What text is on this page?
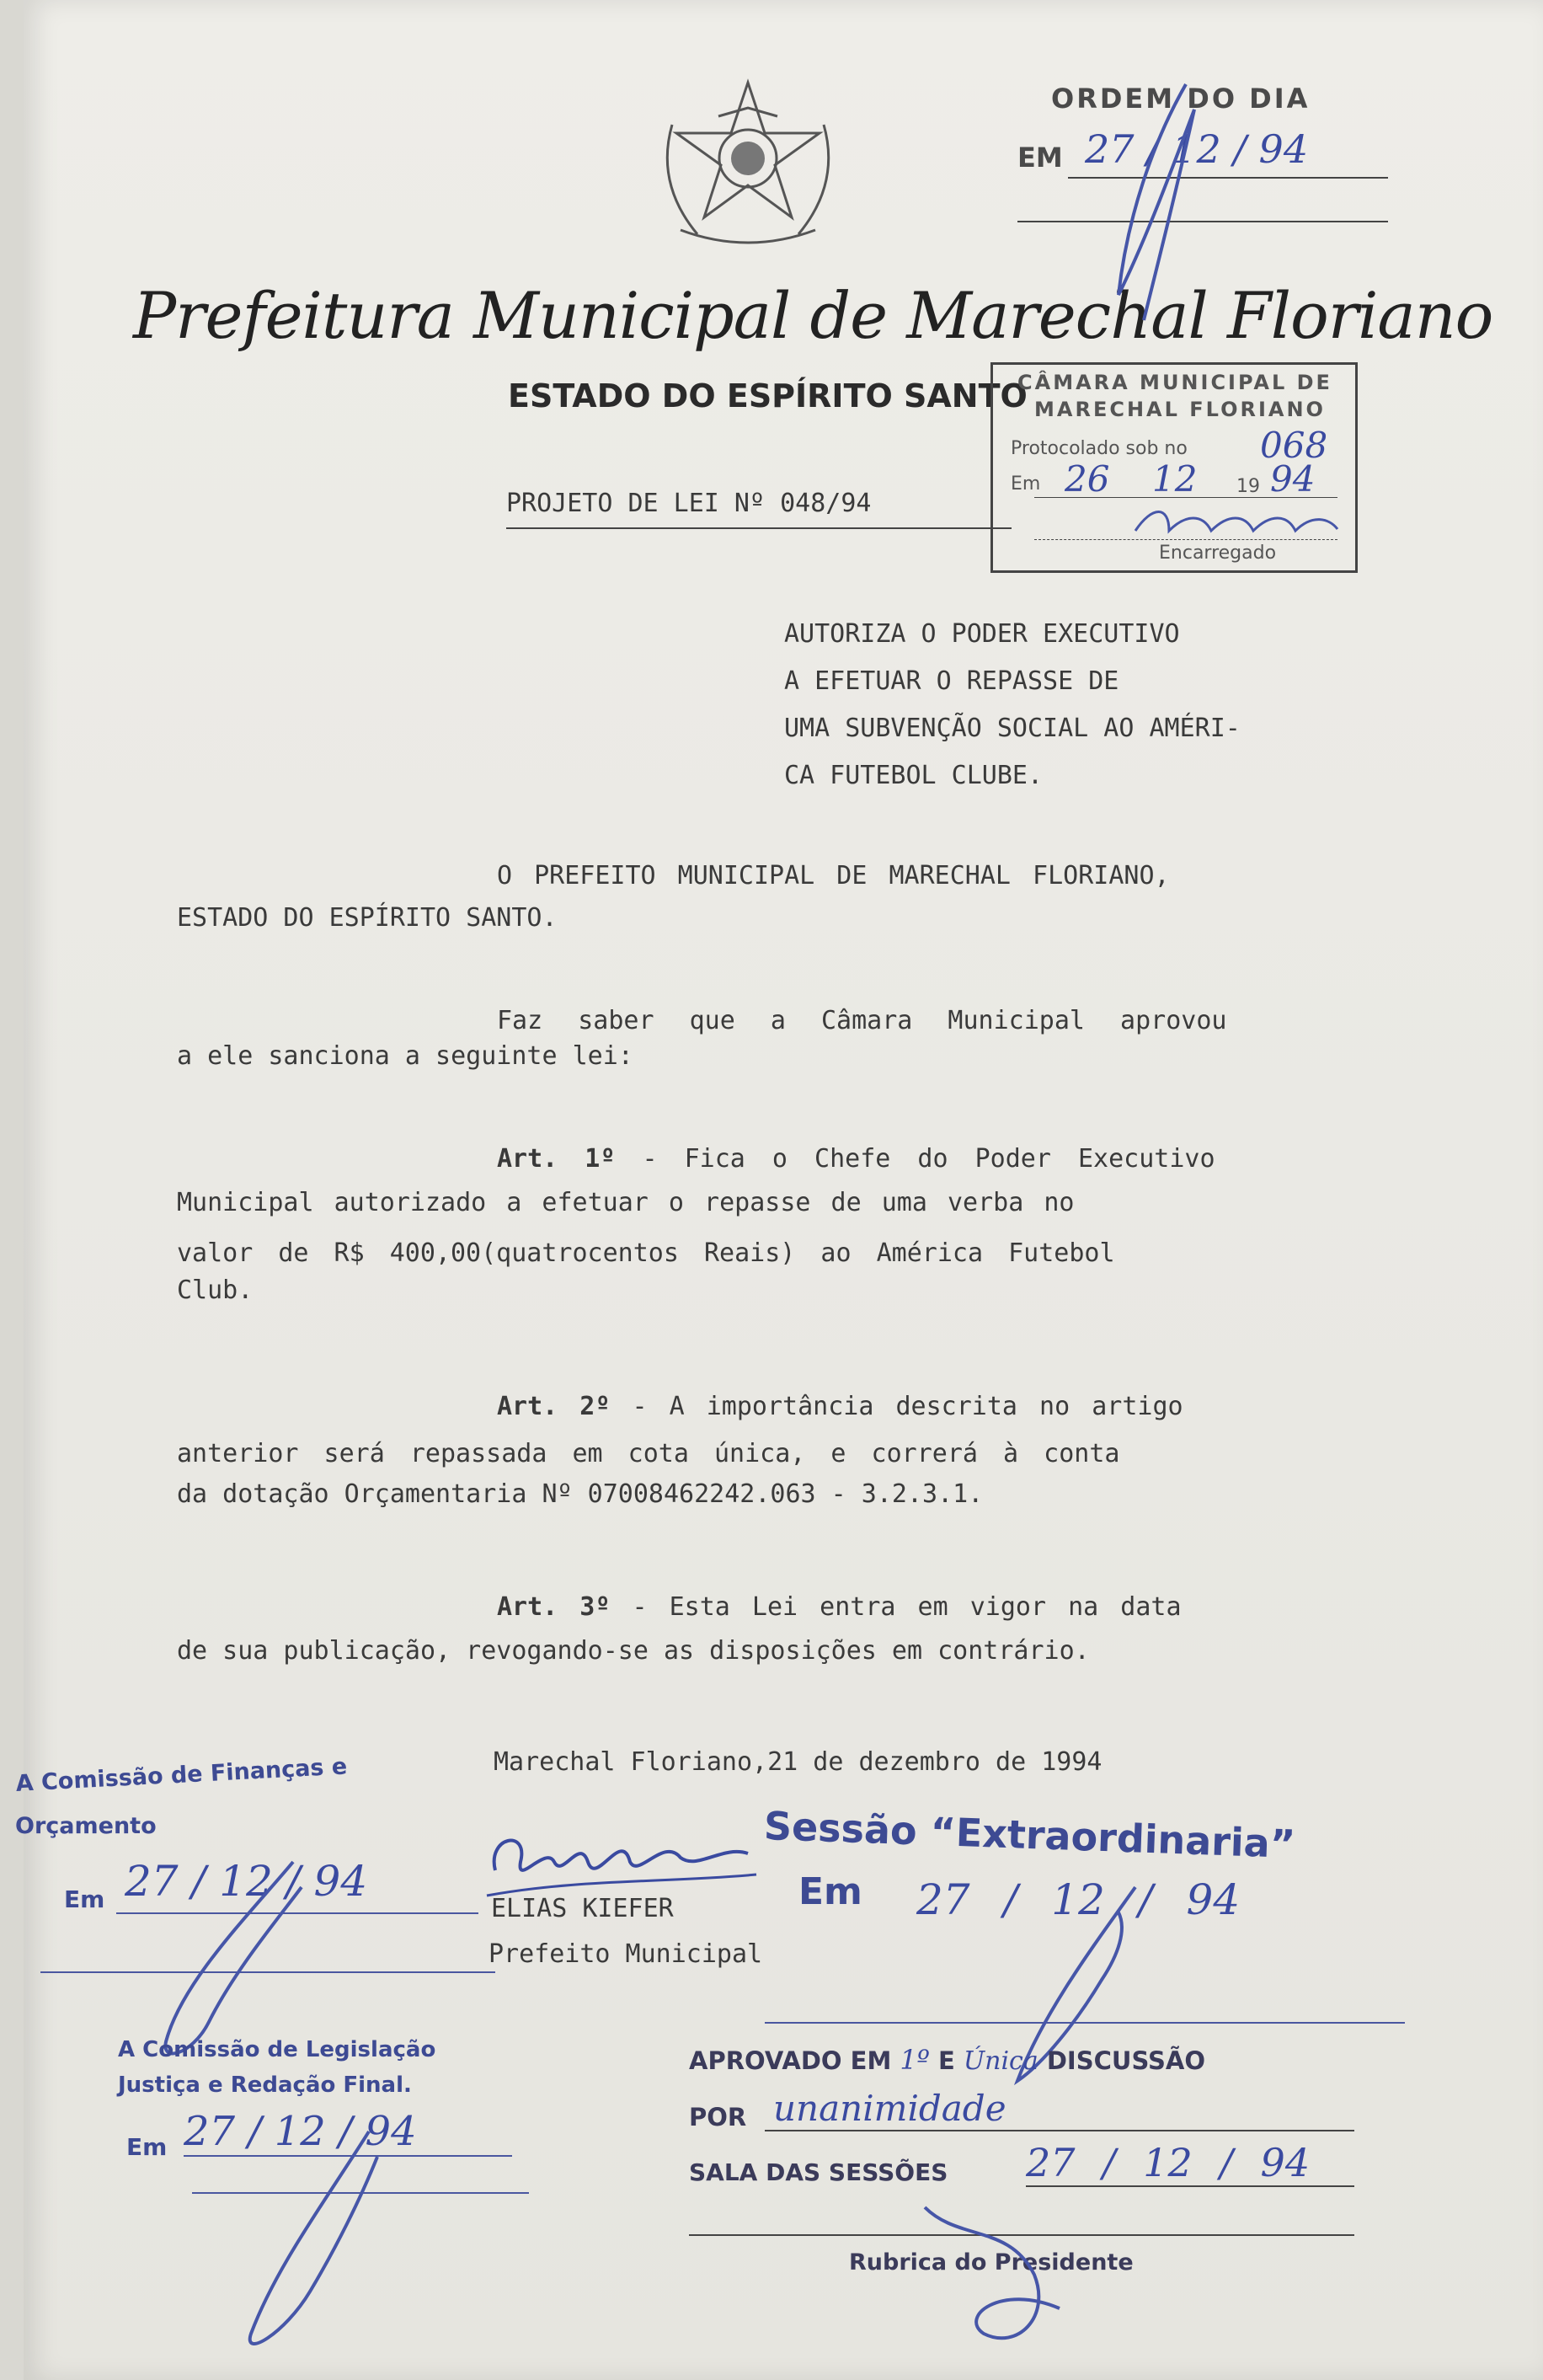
Prefeitura Municipal de Marechal Floriano
ESTADO DO ESPÍRITO SANTO
ORDEM DO DIA
EM 27 / 12 / 94
CÂMARA MUNICIPAL DE
MARECHAL FLORIANO
Protocolado sob no 068
Em 26 12 19 94
Encarregado
PROJETO DE LEI Nº 048/94
AUTORIZA O PODER EXECUTIVO
A EFETUAR O REPASSE DE
UMA SUBVENÇÃO SOCIAL AO AMÉRI-
CA FUTEBOL CLUBE.
O PREFEITO MUNICIPAL DE MARECHAL FLORIANO,
ESTADO DO ESPÍRITO SANTO.
Faz saber que a Câmara Municipal aprovou
a ele sanciona a seguinte lei:
Art. 1º - Fica o Chefe do Poder Executivo
Municipal autorizado a efetuar o repasse de uma verba no
valor de R$ 400,00(quatrocentos Reais) ao América Futebol
Club.
Art. 2º - A importância descrita no artigo
anterior será repassada em cota única, e correrá à conta
da dotação Orçamentaria Nº 07008462242.063 - 3.2.3.1.
Art. 3º - Esta Lei entra em vigor na data
de sua publicação, revogando-se as disposições em contrário.
Marechal Floriano,21 de dezembro de 1994
ELIAS KIEFER
Prefeito Municipal
A Comissão de Finanças e
Orçamento
Em 27 / 12 / 94
Sessão “Extraordinaria”
Em 27 / 12 / 94
A Comissão de Legislação
Justiça e Redação Final.
Em 27 / 12 / 94
APROVADO EM 1º E Única DISCUSSÃO
POR unanimidade
SALA DAS SESSÕES 27 / 12 / 94
Rubrica do Presidente
